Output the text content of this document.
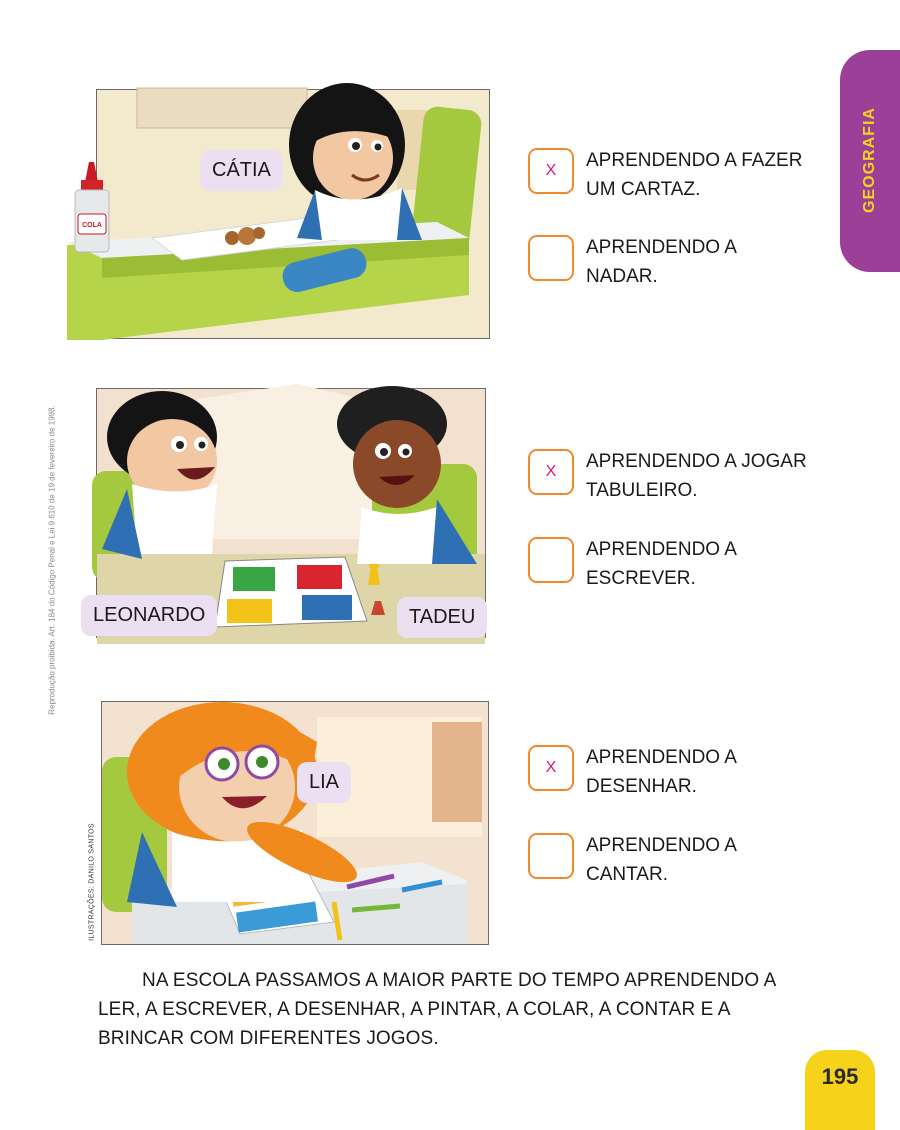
GEOGRAFIA
Reprodução proibida. Art. 184 do Código Penal e Lei 9.610 de 19 de fevereiro de 1998.
ILUSTRAÇÕES: DANILO SANTOS
COLA
CÁTIA	X	APRENDENDO A FAZER
UM CARTAZ.
APRENDENDO A
NADAR.
LEONARDO	TADEU
X	APRENDENDO A JOGAR
TABULEIRO.
APRENDENDO A
ESCREVER.
LIA
X	APRENDENDO A
DESENHAR.
APRENDENDO A
CANTAR.
NA ESCOLA PASSAMOS A MAIOR PARTE DO TEMPO APRENDENDO A
LER, A ESCREVER, A DESENHAR, A PINTAR, A COLAR, A CONTAR E A
BRINCAR COM DIFERENTES JOGOS.
195
